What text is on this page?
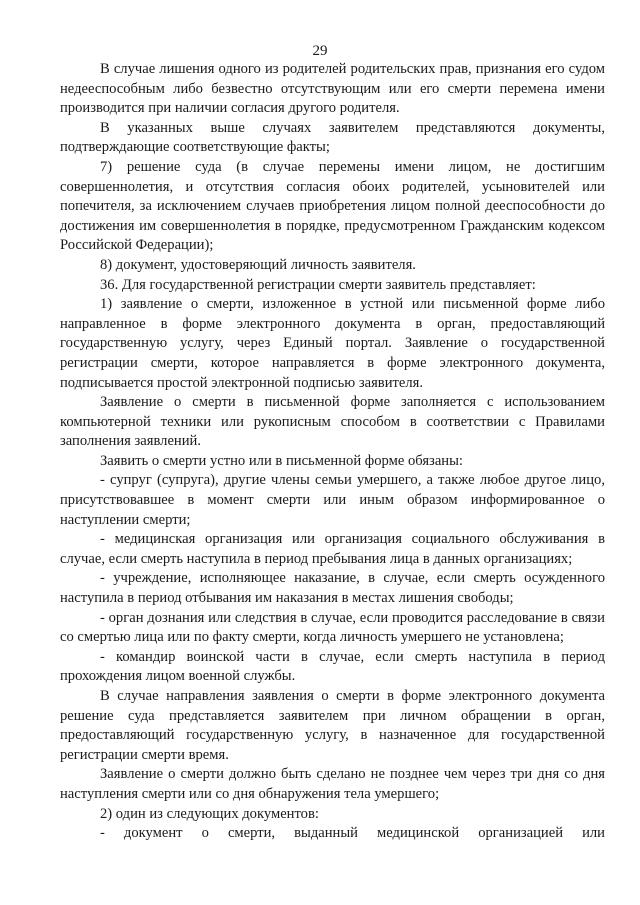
29

В случае лишения одного из родителей родительских прав, признания его судом недееспособным либо безвестно отсутствующим или его смерти перемена имени производится при наличии согласия другого родителя.

В указанных выше случаях заявителем представляются документы, подтверждающие соответствующие факты;

7) решение суда (в случае перемены имени лицом, не достигшим совершеннолетия, и отсутствия согласия обоих родителей, усыновителей или попечителя, за исключением случаев приобретения лицом полной дееспособности до достижения им совершеннолетия в порядке, предусмотренном Гражданским кодексом Российской Федерации);

8) документ, удостоверяющий личность заявителя.

36. Для государственной регистрации смерти заявитель представляет:

1) заявление о смерти, изложенное в устной или письменной форме либо направленное в форме электронного документа в орган, предоставляющий государственную услугу, через Единый портал. Заявление о государственной регистрации смерти, которое направляется в форме электронного документа, подписывается простой электронной подписью заявителя.

Заявление о смерти в письменной форме заполняется с использованием компьютерной техники или рукописным способом в соответствии с Правилами заполнения заявлений.

Заявить о смерти устно или в письменной форме обязаны:

- супруг (супруга), другие члены семьи умершего, а также любое другое лицо, присутствовавшее в момент смерти или иным образом информированное о наступлении смерти;

- медицинская организация или организация социального обслуживания в случае, если смерть наступила в период пребывания лица в данных организациях;

- учреждение, исполняющее наказание, в случае, если смерть осужденного наступила в период отбывания им наказания в местах лишения свободы;

- орган дознания или следствия в случае, если проводится расследование в связи со смертью лица или по факту смерти, когда личность умершего не установлена;

- командир воинской части в случае, если смерть наступила в период прохождения лицом военной службы.

В случае направления заявления о смерти в форме электронного документа решение суда представляется заявителем при личном обращении в орган, предоставляющий государственную услугу, в назначенное для государственной регистрации смерти время.

Заявление о смерти должно быть сделано не позднее чем через три дня со дня наступления смерти или со дня обнаружения тела умершего;

2) один из следующих документов:

- документ о смерти, выданный медицинской организацией или
